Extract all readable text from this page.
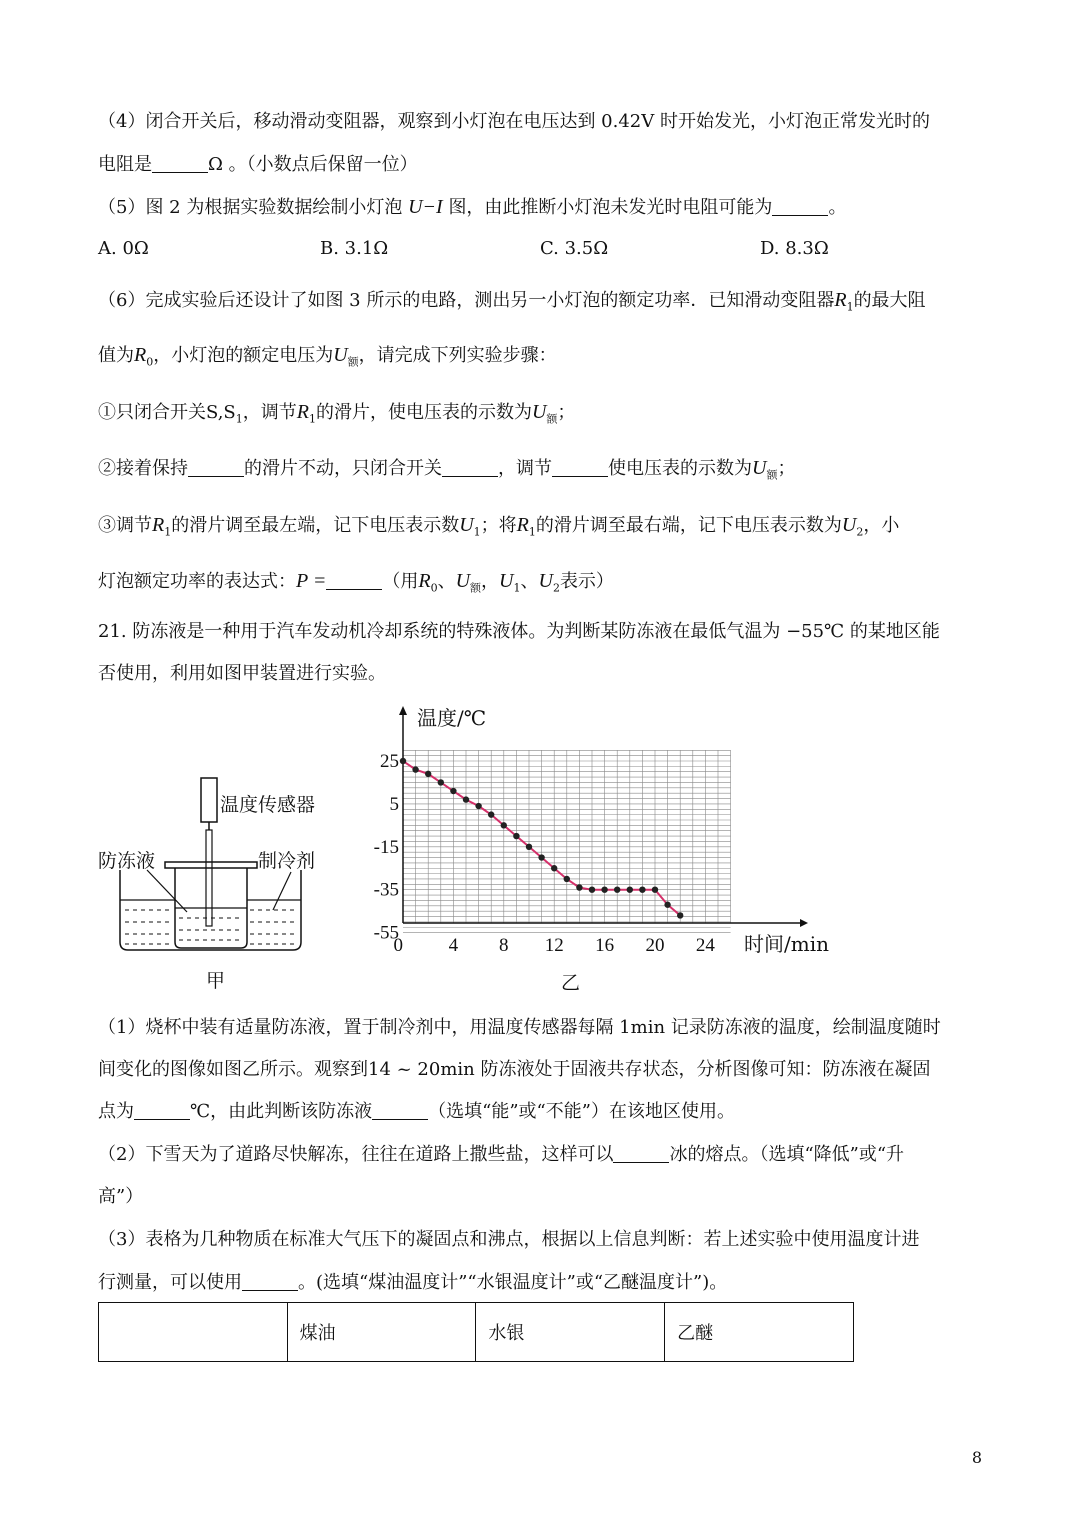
（4）闭合开关后，移动滑动变阻器，观察到小灯泡在电压达到 0.42V 时开始发光，小灯泡正常发光时的
电阻是	Ω 。（小数点后保留一位）
（5）图 2 为根据实验数据绘制小灯泡 U−I 图，由此推断小灯泡未发光时电阻可能为	。
A. 0Ω	B. 3.1Ω	C. 3.5Ω	D. 8.3Ω
（6）完成实验后还设计了如图 3 所示的电路，测出另一小灯泡的额定功率．已知滑动变阻器$R_1$的最大阻
值为$R_0$，小灯泡的额定电压为$U_额$，请完成下列实验步骤：
①只闭合开关$S,S_1$，调节$R_1$的滑片，使电压表的示数为$U_额$；
②接着保持	的滑片不动，只闭合开关	，调节	使电压表的示数为$U_额$；
③调节$R_1$的滑片调至最左端，记下电压表示数$U_1$；将$R_1$的滑片调至最右端，记下电压表示数为$U_2$，小
灯泡额定功率的表达式：P =	（用$R_0$、$U_额$，$U_1$、$U_2$表示）
21. 防冻液是一种用于汽车发动机冷却系统的特殊液体。为判断某防冻液在最低气温为 −55℃ 的某地区能
否使用，利用如图甲装置进行实验。
温度传感器
防冻液	制冷剂
甲
25
5
-15
-35
-55
0 4 8 12 16 20 24
温度/℃
时间/min
乙
（1）烧杯中装有适量防冻液，置于制冷剂中，用温度传感器每隔 1min 记录防冻液的温度，绘制温度随时
间变化的图像如图乙所示。观察到14 ~ 20min 防冻液处于固液共存状态，分析图像可知：防冻液在凝固
点为	℃，由此判断该防冻液	（选填“能”或“不能”）在该地区使用。
（2）下雪天为了道路尽快解冻，往往在道路上撒些盐，这样可以	冰的熔点。（选填“降低”或“升
高”）
（3）表格为几种物质在标准大气压下的凝固点和沸点，根据以上信息判断：若上述实验中使用温度计进
行测量，可以使用	。(选填“煤油温度计”“水银温度计”或“乙醚温度计”)。
	煤油	水银	乙醚
8
